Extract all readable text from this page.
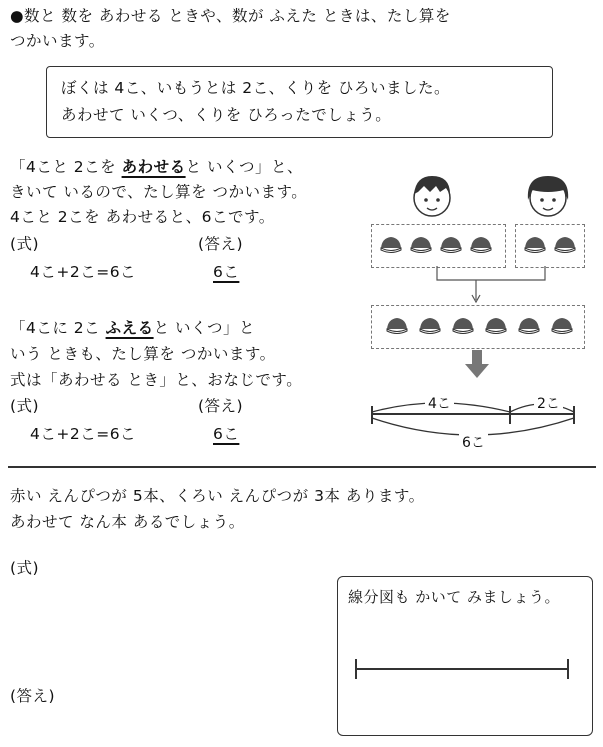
●数と 数を あわせる ときや、数が ふえた ときは、たし算を
つかいます。
ぼくは 4こ、いもうとは 2こ、くりを ひろいました。
あわせて いくつ、くりを ひろったでしょう。
「4こと 2こを あわせると いくつ」と、
きいて いるので、たし算を つかいます。
4こと 2こを あわせると、6こです。
(式)	(答え)
4こ+2こ=6こ	6こ
「4こに 2こ ふえると いくつ」と
いう ときも、たし算を つかいます。
式は「あわせる とき」と、おなじです。
(式)	(答え)
4こ+2こ=6こ	6こ
4こ	2こ
6こ
赤い えんぴつが 5本、くろい えんぴつが 3本 あります。
あわせて なん本 あるでしょう。
(式)
(答え)
線分図も かいて みましょう。
